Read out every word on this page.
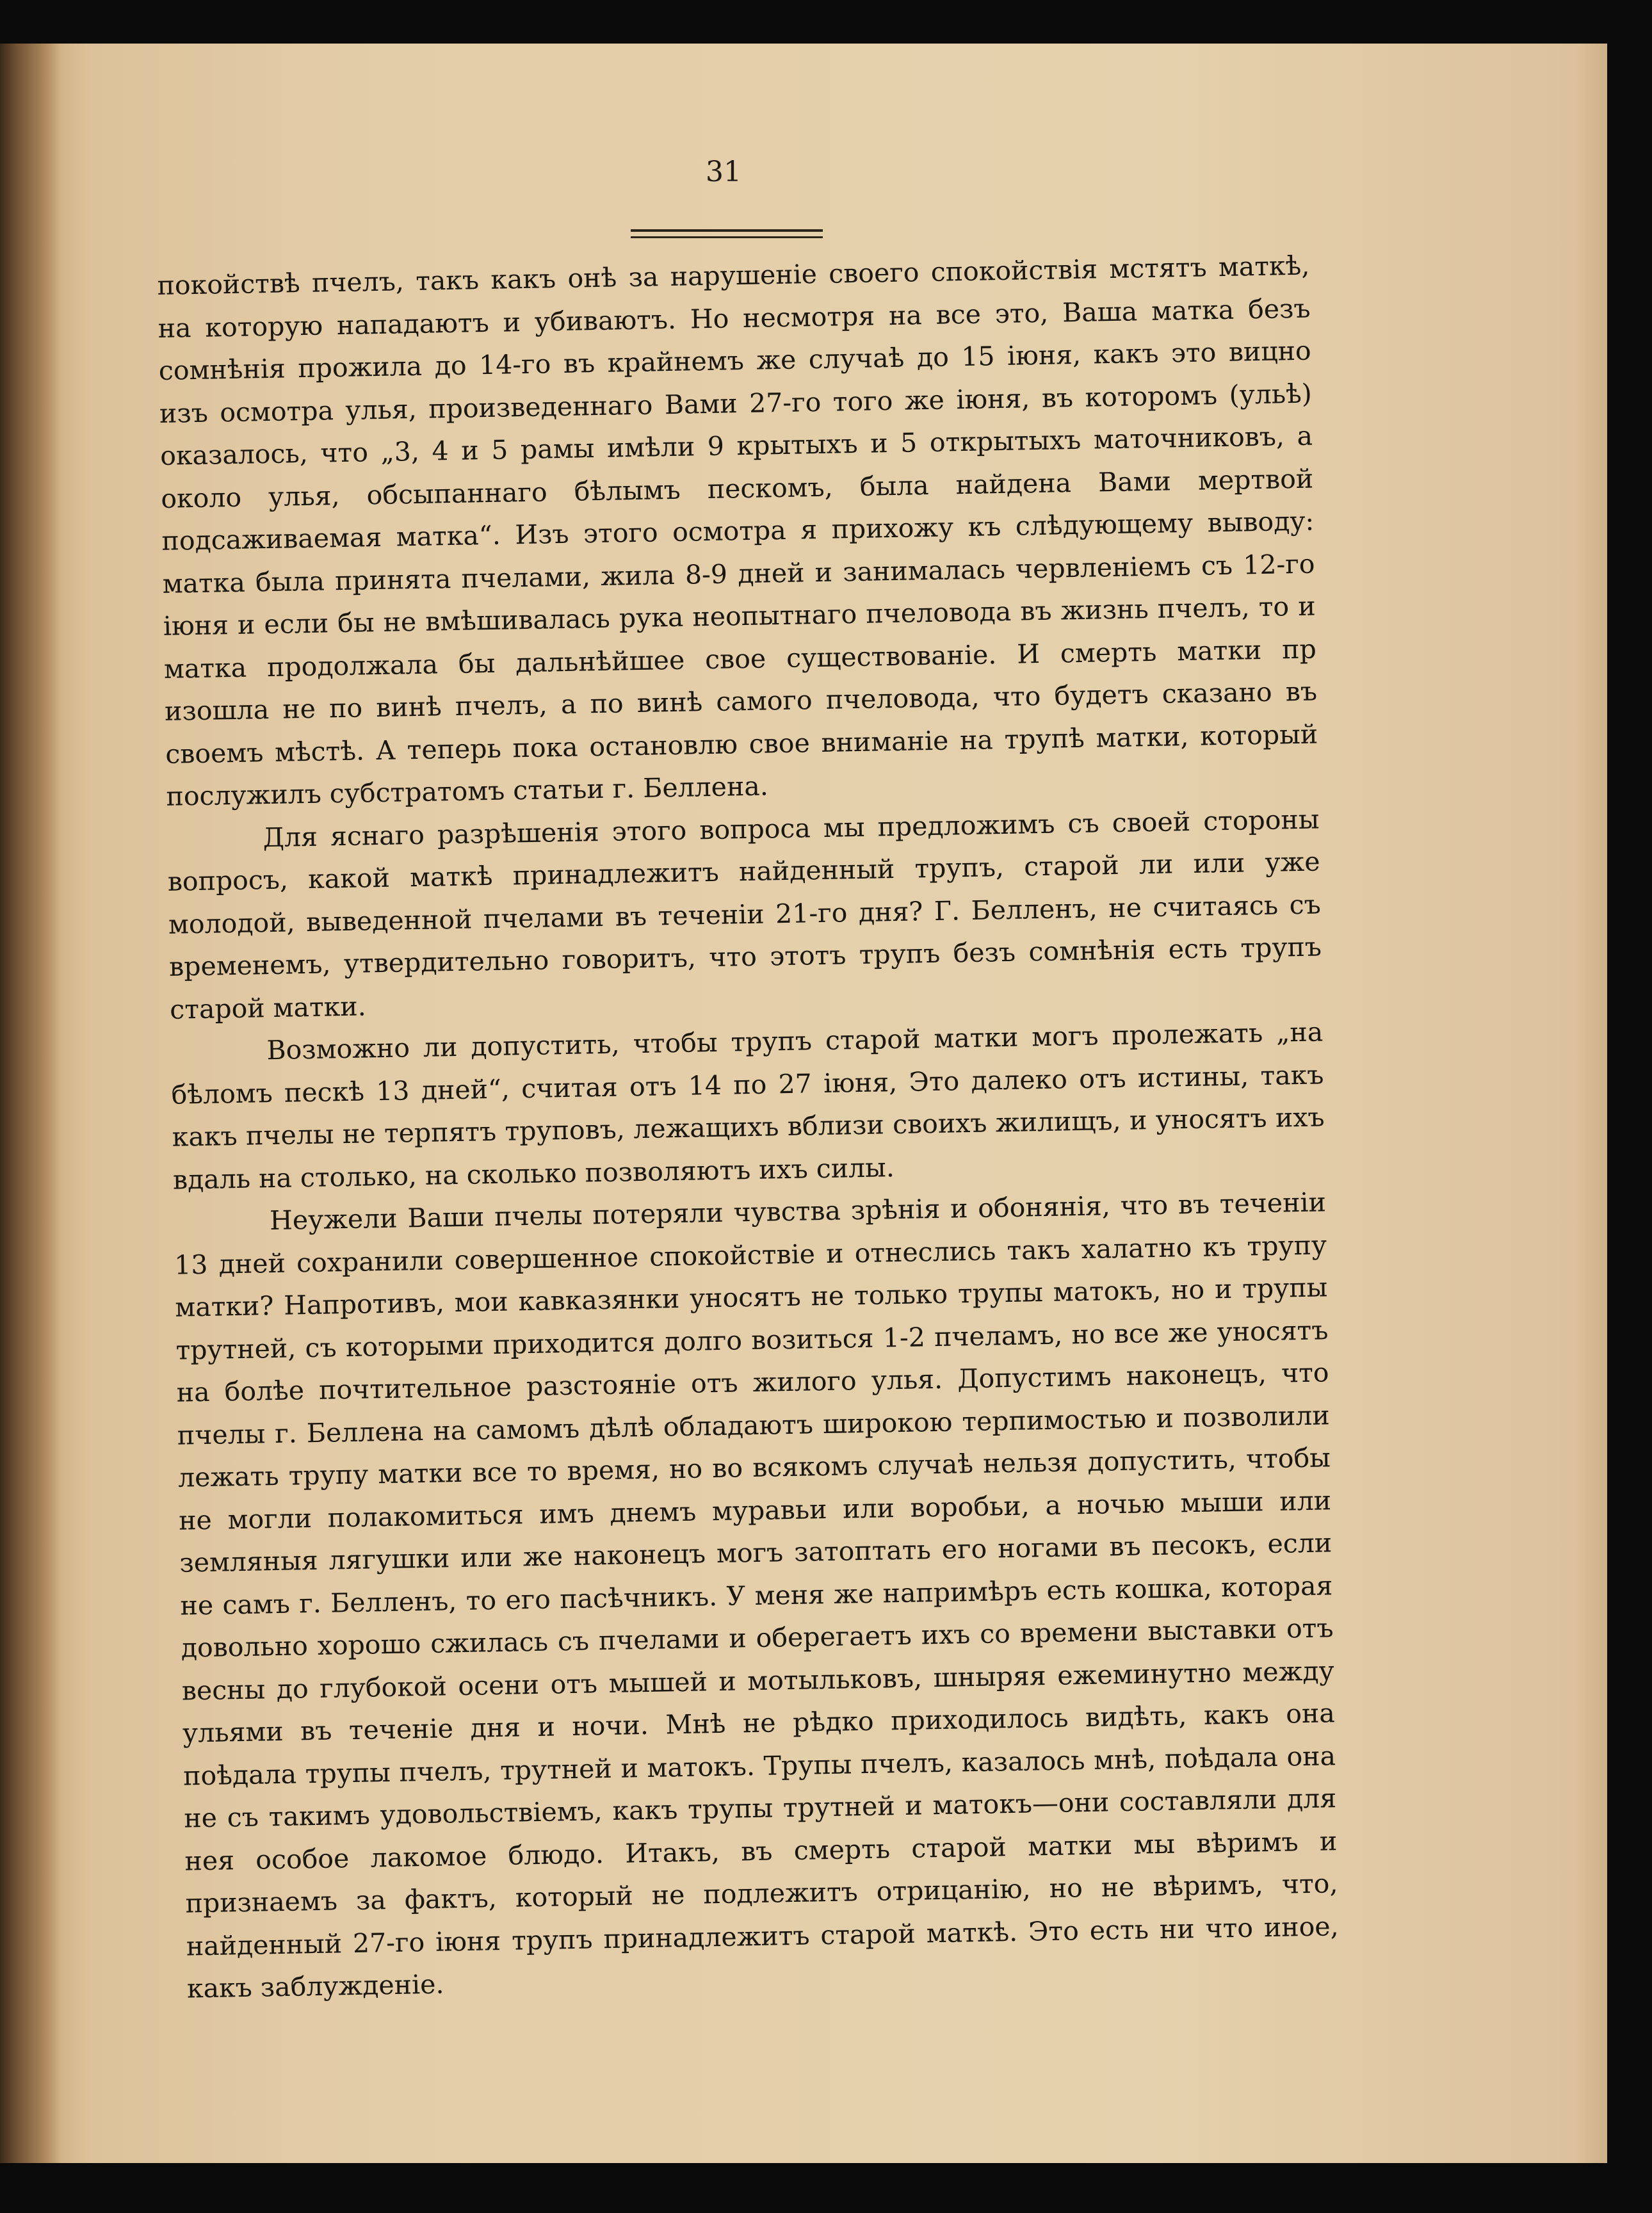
31

покойствѣ пчелъ, такъ какъ онѣ за нарушеніе своего спокойствія мстятъ маткѣ, на которую нападаютъ и убиваютъ. Но несмотря на все это, Ваша матка безъ сомнѣнія прожила до 14-го въ крайнемъ же случаѣ до 15 іюня, какъ это вицно изъ осмотра улья, произведеннаго Вами 27-го того же іюня, въ которомъ (ульѣ) оказалось, что „3, 4 и 5 рамы имѣли 9 крытыхъ и 5 открытыхъ маточниковъ, а около улья, обсыпаннаго бѣлымъ пескомъ, была найдена Вами мертвой подсаживаемая матка“. Изъ этого осмотра я прихожу къ слѣдующему выводу: матка была принята пчелами, жила 8-9 дней и занималась червленіемъ съ 12-го іюня и если бы не вмѣшивалась рука неопытнаго пчеловода въ жизнь пчелъ, то и матка продолжала бы дальнѣйшее свое существованіе. И смерть матки пр изошла не по винѣ пчелъ, а по винѣ самого пчеловода, что будетъ сказано въ своемъ мѣстѣ. А теперь пока остановлю свое вниманіе на трупѣ матки, который послужилъ субстратомъ статьи г. Беллена.

Для яснаго разрѣшенія этого вопроса мы предложимъ съ своей стороны вопросъ, какой маткѣ принадлежитъ найденный трупъ, старой ли или уже молодой, выведенной пчелами въ теченіи 21-го дня? Г. Белленъ, не считаясь съ временемъ, утвердительно говоритъ, что этотъ трупъ безъ сомнѣнія есть трупъ старой матки.

Возможно ли допустить, чтобы трупъ старой матки могъ пролежать „на бѣломъ пескѣ 13 дней“, считая отъ 14 по 27 іюня, Это далеко отъ истины, такъ какъ пчелы не терпятъ труповъ, лежащихъ вблизи своихъ жилищъ, и уносятъ ихъ вдаль на столько, на сколько позволяютъ ихъ силы.

Неужели Ваши пчелы потеряли чувства зрѣнія и обонянія, что въ теченіи 13 дней сохранили совершенное спокойствіе и отнеслись такъ халатно къ трупу матки? Напротивъ, мои кавказянки уносятъ не только трупы матокъ, но и трупы трутней, съ которыми приходится долго возиться 1-2 пчеламъ, но все же уносятъ на болѣе почтительное разстояніе отъ жилого улья. Допустимъ наконецъ, что пчелы г. Беллена на самомъ дѣлѣ обладаютъ широкою терпимостью и позволили лежать трупу матки все то время, но во всякомъ случаѣ нельзя допустить, чтобы не могли полакомиться имъ днемъ муравьи или воробьи, а ночью мыши или земляныя лягушки или же наконецъ могъ затоптать его ногами въ песокъ, если не самъ г. Белленъ, то его пасѣчникъ. У меня же напримѣръ есть кошка, которая довольно хорошо сжилась съ пчелами и оберегаетъ ихъ со времени выставки отъ весны до глубокой осени отъ мышей и мотыльковъ, шныряя ежеминутно между ульями въ теченіе дня и ночи. Мнѣ не рѣдко приходилось видѣть, какъ она поѣдала трупы пчелъ, трутней и матокъ. Трупы пчелъ, казалось мнѣ, поѣдала она не съ такимъ удовольствіемъ, какъ трупы трутней и матокъ—они составляли для нея особое лакомое блюдо. Итакъ, въ смерть старой матки мы вѣримъ и признаемъ за фактъ, который не подлежитъ отрицанію, но не вѣримъ, что, найденный 27-го іюня трупъ принадлежитъ старой маткѣ. Это есть ни что иное, какъ заблужденіе.
